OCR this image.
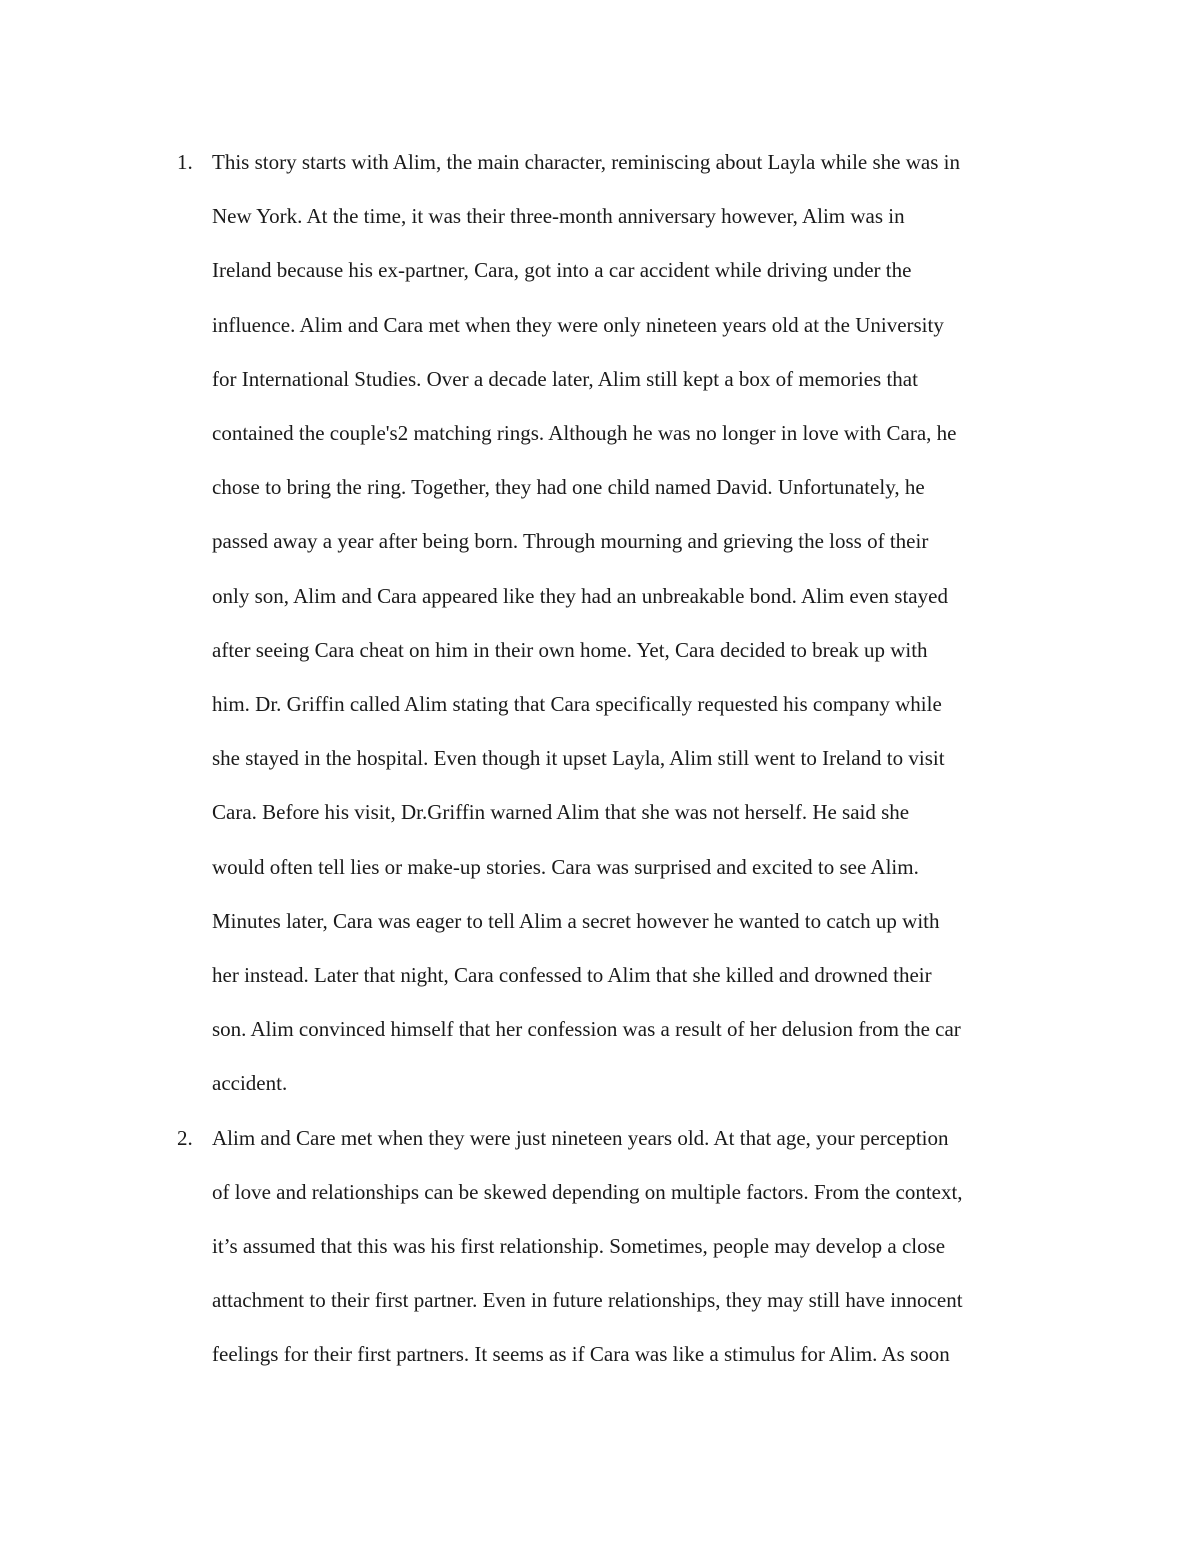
1. This story starts with Alim, the main character, reminiscing about Layla while she was in
New York. At the time, it was their three-month anniversary however, Alim was in
Ireland because his ex-partner, Cara, got into a car accident while driving under the
influence. Alim and Cara met when they were only nineteen years old at the University
for International Studies. Over a decade later, Alim still kept a box of memories that
contained the couple's2 matching rings. Although he was no longer in love with Cara, he
chose to bring the ring. Together, they had one child named David. Unfortunately, he
passed away a year after being born. Through mourning and grieving the loss of their
only son, Alim and Cara appeared like they had an unbreakable bond. Alim even stayed
after seeing Cara cheat on him in their own home. Yet, Cara decided to break up with
him. Dr. Griffin called Alim stating that Cara specifically requested his company while
she stayed in the hospital. Even though it upset Layla, Alim still went to Ireland to visit
Cara. Before his visit, Dr.Griffin warned Alim that she was not herself. He said she
would often tell lies or make-up stories. Cara was surprised and excited to see Alim.
Minutes later, Cara was eager to tell Alim a secret however he wanted to catch up with
her instead. Later that night, Cara confessed to Alim that she killed and drowned their
son. Alim convinced himself that her confession was a result of her delusion from the car
accident.
2. Alim and Care met when they were just nineteen years old. At that age, your perception
of love and relationships can be skewed depending on multiple factors. From the context,
it’s assumed that this was his first relationship. Sometimes, people may develop a close
attachment to their first partner. Even in future relationships, they may still have innocent
feelings for their first partners. It seems as if Cara was like a stimulus for Alim. As soon
